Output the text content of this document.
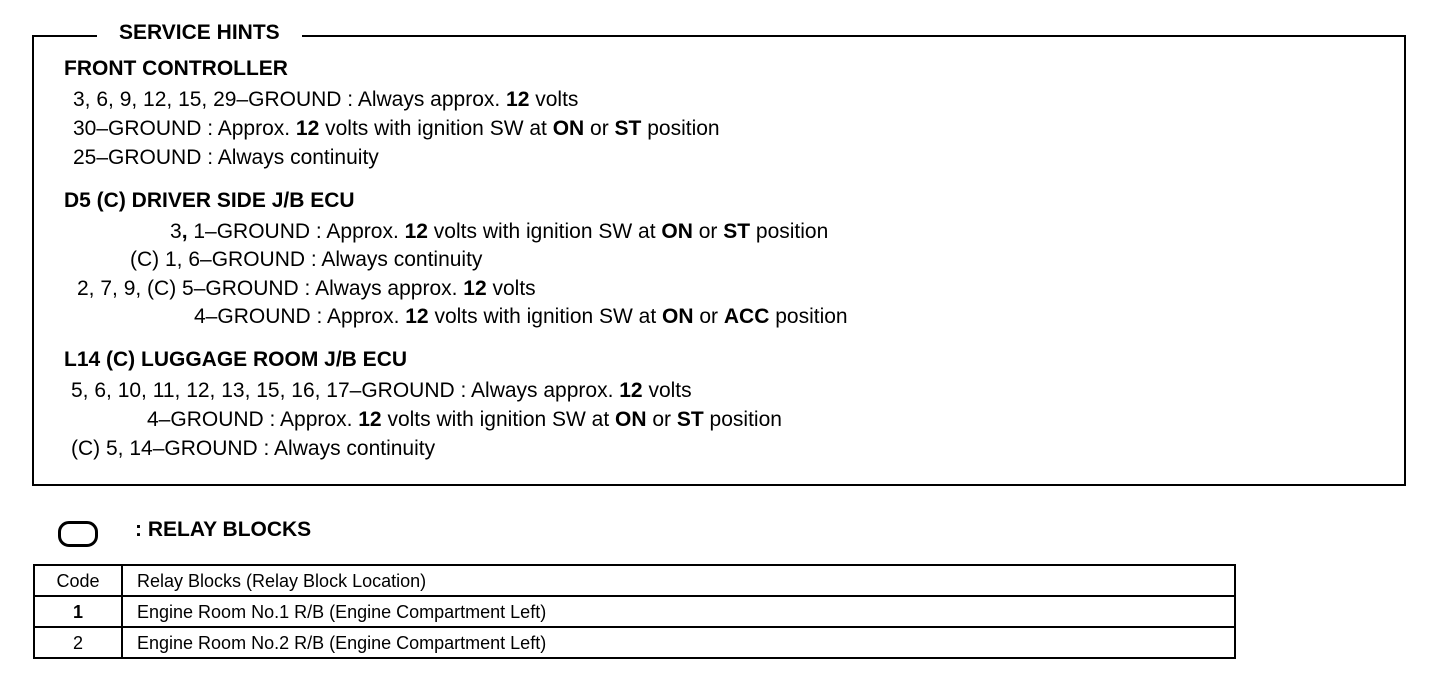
SERVICE HINTS
FRONT CONTROLLER
3, 6, 9, 12, 15, 29–GROUND : Always approx. 12 volts
30–GROUND : Approx. 12 volts with ignition SW at ON or ST position
25–GROUND : Always continuity
D5 (C) DRIVER SIDE J/B ECU
3, 1–GROUND : Approx. 12 volts with ignition SW at ON or ST position
(C) 1, 6–GROUND : Always continuity
2, 7, 9, (C) 5–GROUND : Always approx. 12 volts
4–GROUND : Approx. 12 volts with ignition SW at ON or ACC position
L14 (C) LUGGAGE ROOM J/B ECU
5, 6, 10, 11, 12, 13, 15, 16, 17–GROUND : Always approx. 12 volts
4–GROUND : Approx. 12 volts with ignition SW at ON or ST position
(C) 5, 14–GROUND : Always continuity
: RELAY BLOCKS
Code	Relay Blocks (Relay Block Location)
1	Engine Room No.1 R/B (Engine Compartment Left)
2	Engine Room No.2 R/B (Engine Compartment Left)
